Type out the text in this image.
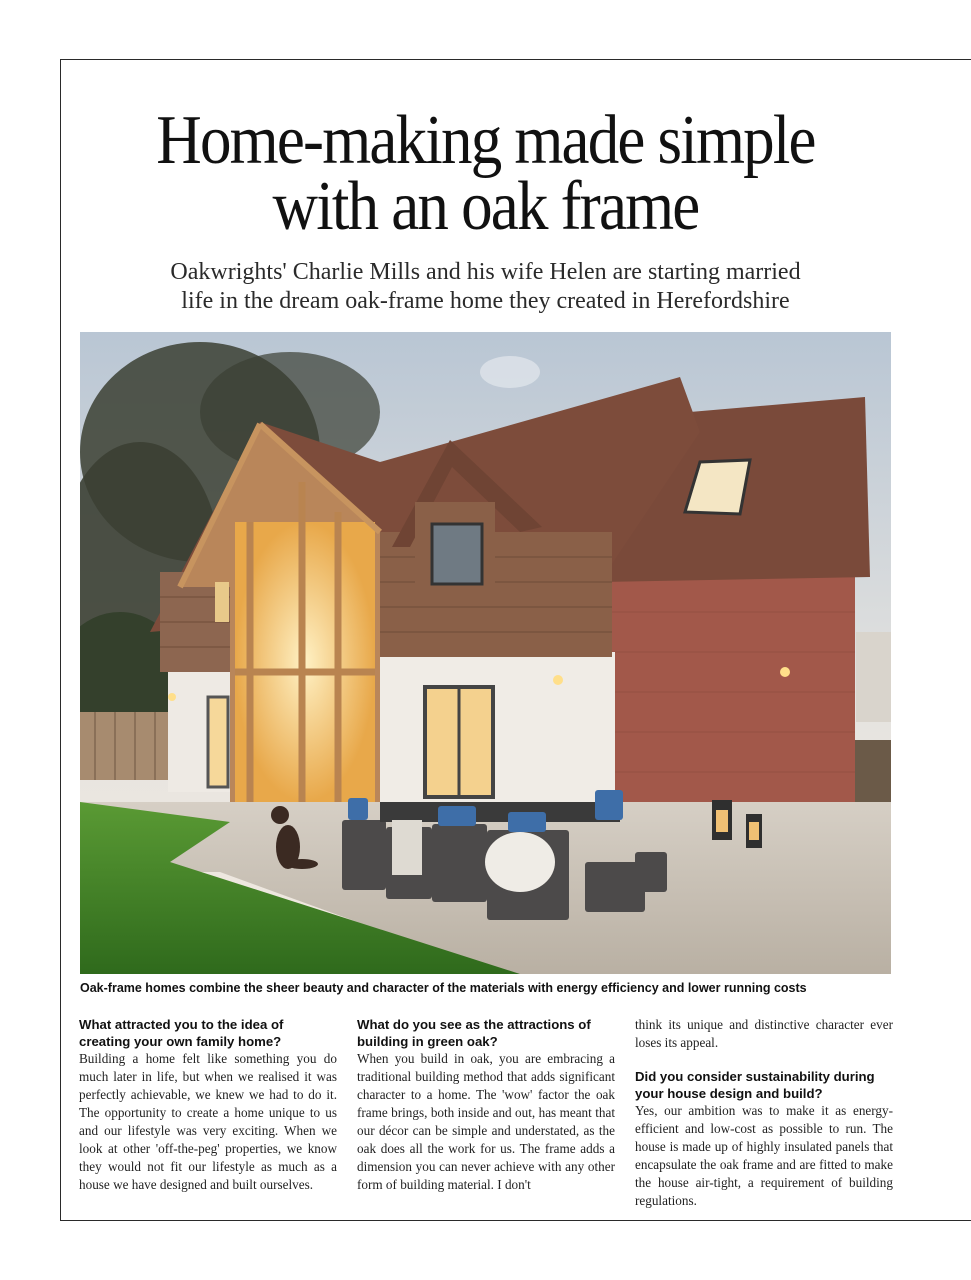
Home-making made simple
with an oak frame

Oakwrights' Charlie Mills and his wife Helen are starting married
life in the dream oak-frame home they created in Herefordshire

Oak-frame homes combine the sheer beauty and character of the materials with energy efficiency and lower running costs

What attracted you to the idea of creating your own family home?

Building a home felt like something you do much later in life, but when we realised it was perfectly achievable, we knew we had to do it. The opportunity to create a home unique to us and our lifestyle was very exciting. When we look at other 'off-the-peg' properties, we know they would not fit our lifestyle as much as a house we have designed and built ourselves.

What do you see as the attractions of building in green oak?

When you build in oak, you are embracing a traditional building method that adds significant character to a home. The 'wow' factor the oak frame brings, both inside and out, has meant that our décor can be simple and understated, as the oak does all the work for us. The frame adds a dimension you can never achieve with any other form of building material. I don't

think its unique and distinctive character ever loses its appeal.

Did you consider sustainability during your house design and build?

Yes, our ambition was to make it as energy-efficient and low-cost as possible to run. The house is made up of highly insulated panels that encapsulate the oak frame and are fitted to make the house air-tight, a requirement of building regulations.
